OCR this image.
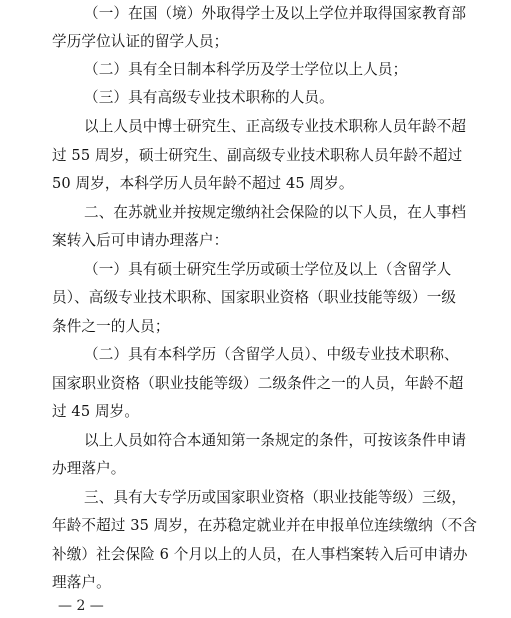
（一）在国（境）外取得学士及以上学位并取得国家教育部
学历学位认证的留学人员；
（二）具有全日制本科学历及学士学位以上人员；
（三）具有高级专业技术职称的人员。
以上人员中博士研究生、正高级专业技术职称人员年龄不超
过 55 周岁，硕士研究生、副高级专业技术职称人员年龄不超过
50 周岁，本科学历人员年龄不超过 45 周岁。
二、在苏就业并按规定缴纳社会保险的以下人员，在人事档
案转入后可申请办理落户：
（一）具有硕士研究生学历或硕士学位及以上（含留学人
员）、高级专业技术职称、国家职业资格（职业技能等级）一级
条件之一的人员；
（二）具有本科学历（含留学人员）、中级专业技术职称、
国家职业资格（职业技能等级）二级条件之一的人员，年龄不超
过 45 周岁。
以上人员如符合本通知第一条规定的条件，可按该条件申请
办理落户。
三、具有大专学历或国家职业资格（职业技能等级）三级，
年龄不超过 35 周岁，在苏稳定就业并在申报单位连续缴纳（不含
补缴）社会保险 6 个月以上的人员，在人事档案转入后可申请办
理落户。
— 2 —
